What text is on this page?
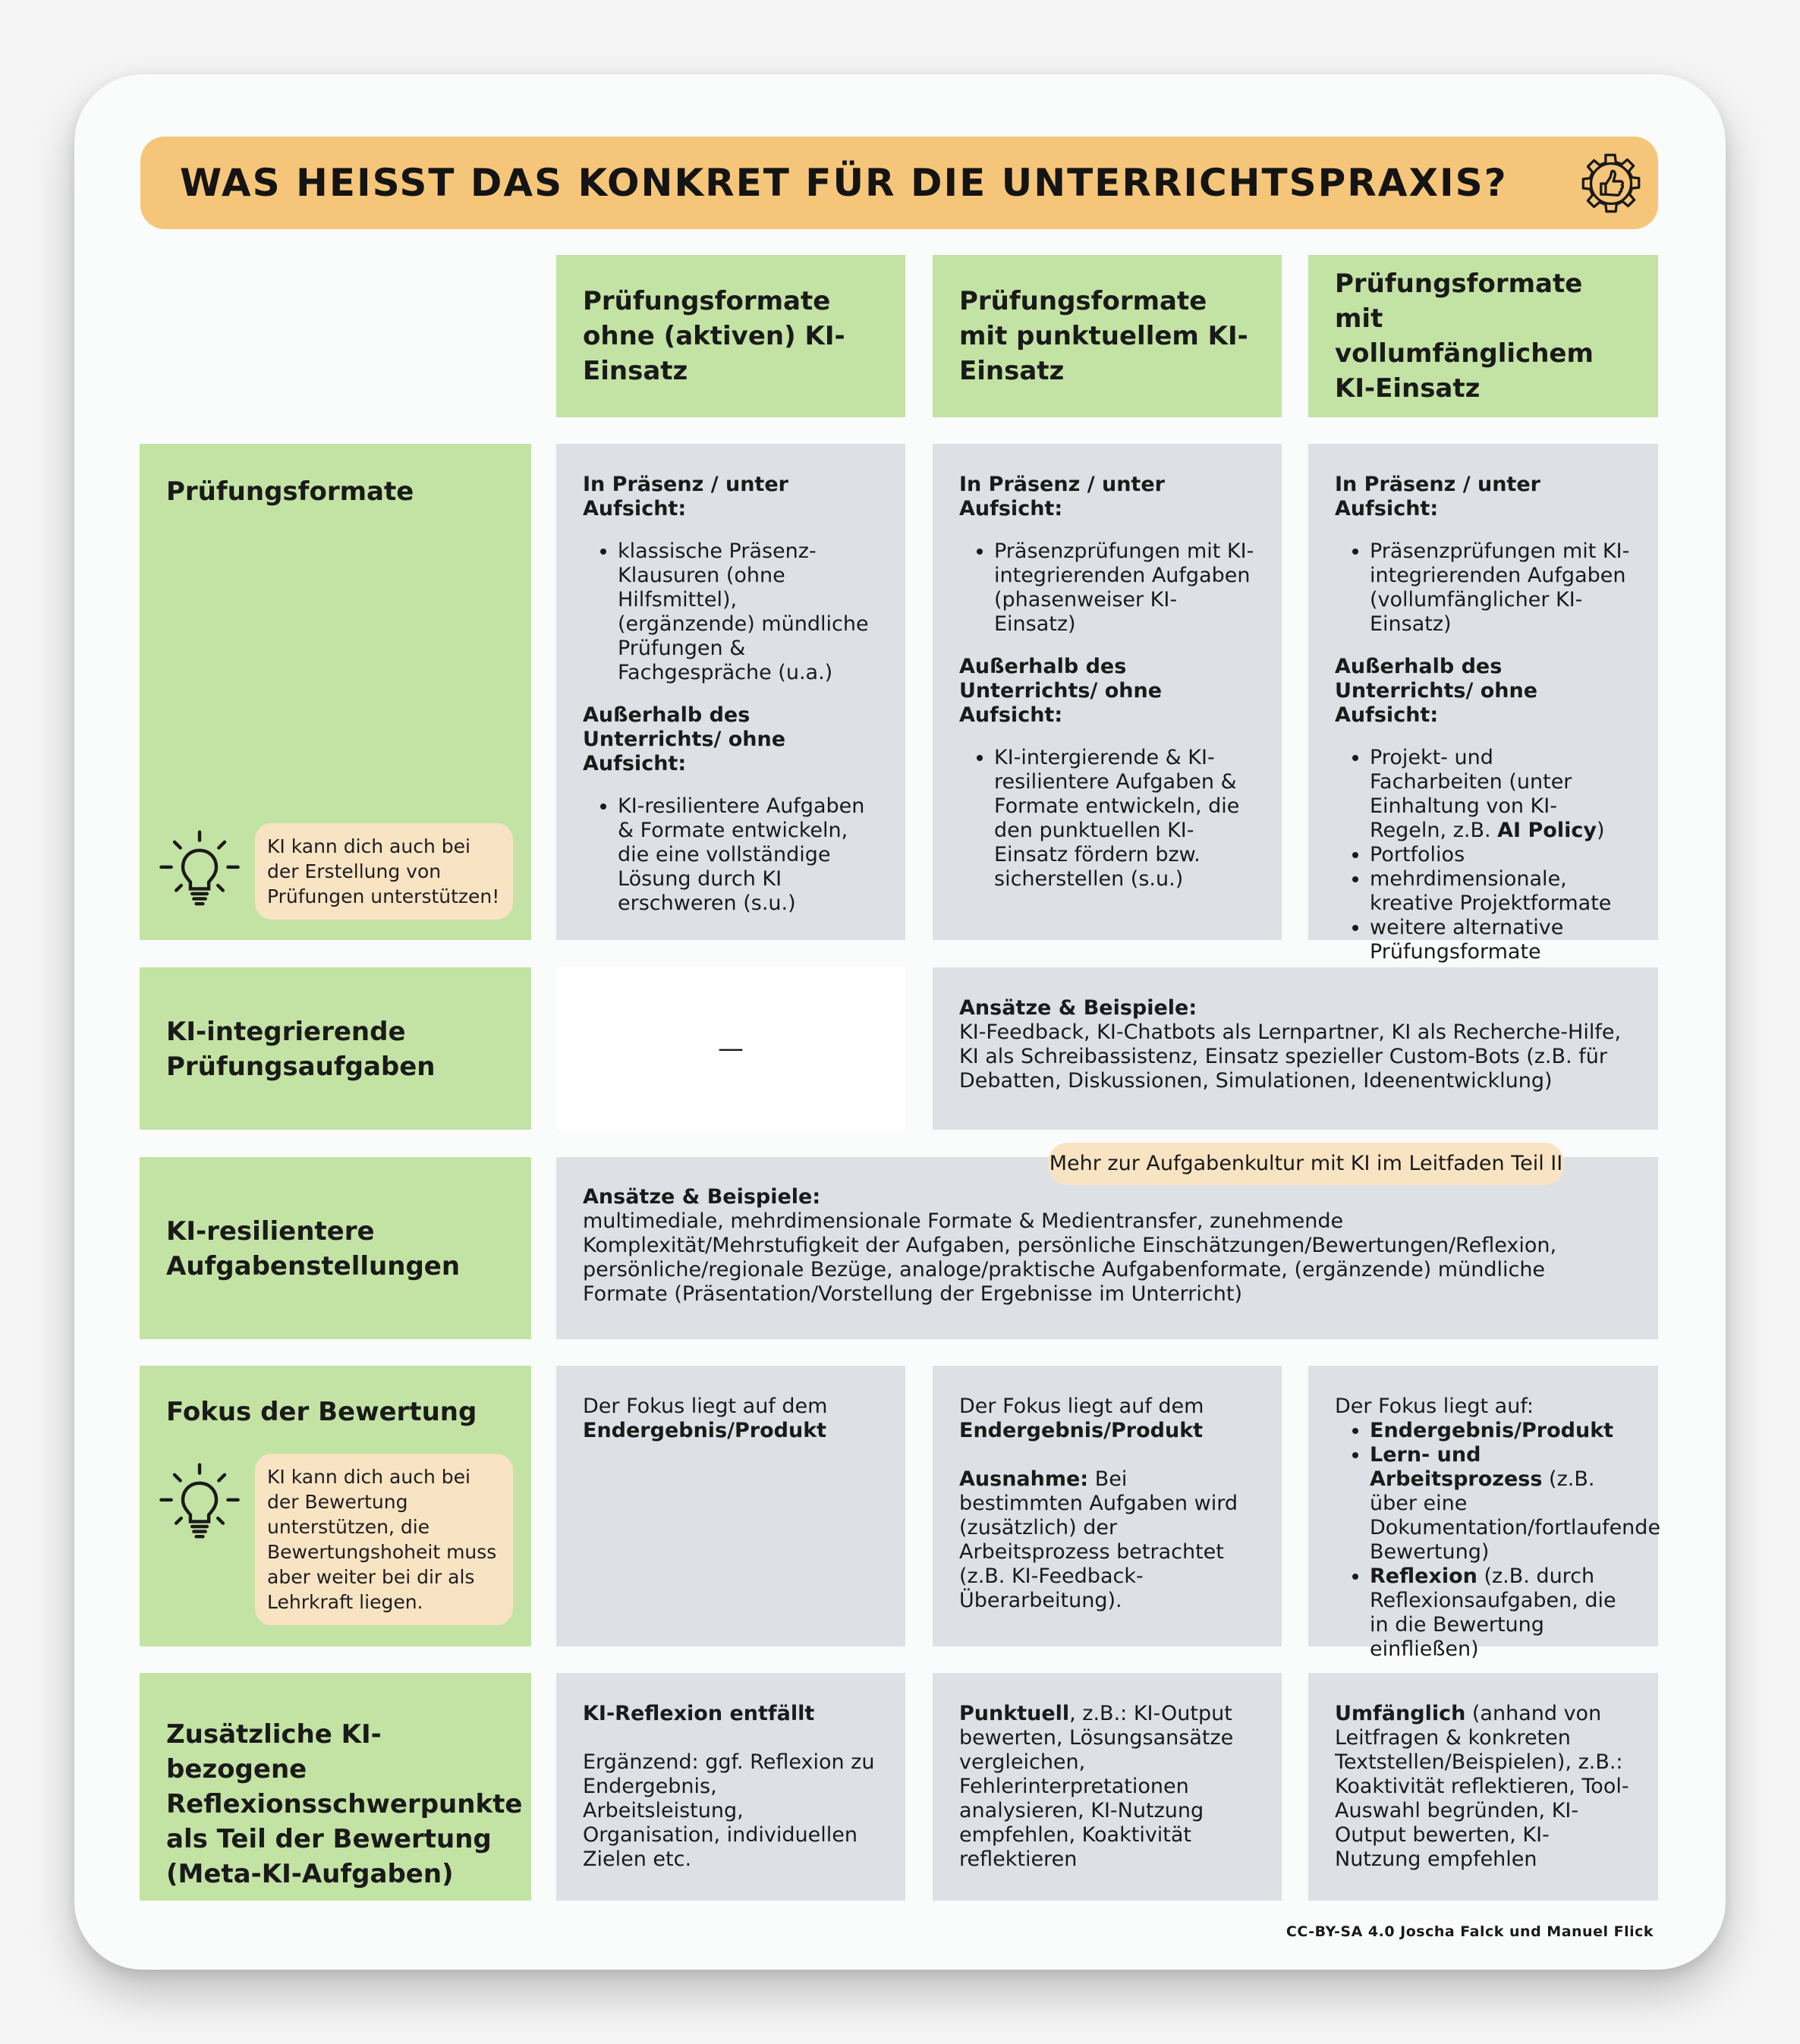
WAS HEISST DAS KONKRET FÜR DIE UNTERRICHTSPRAXIS?
Prüfungsformate ohne (aktiven) KI-Einsatz
Prüfungsformate mit punktuellem KI-Einsatz
Prüfungsformate mit vollumfänglichem KI-Einsatz
Prüfungsformate
KI kann dich auch bei der Erstellung von Prüfungen unterstützen!

In Präsenz / unter Aufsicht:

• klassische Präsenz-Klausuren (ohne Hilfsmittel), (ergänzende) mündliche Prüfungen & Fachgespräche (u.a.)

Außerhalb des Unterrichts/ ohne Aufsicht:

• KI-resilientere Aufgaben & Formate entwickeln, die eine vollständige Lösung durch KI erschweren (s.u.)

In Präsenz / unter Aufsicht:

• Präsenzprüfungen mit KI-integrierenden Aufgaben (phasenweiser KI-Einsatz)

Außerhalb des Unterrichts/ ohne Aufsicht:

• KI-intergierende & KI-resilientere Aufgaben & Formate entwickeln, die den punktuellen KI-Einsatz fördern bzw. sicherstellen (s.u.)

In Präsenz / unter Aufsicht:

• Präsenzprüfungen mit KI-integrierenden Aufgaben (vollumfänglicher KI-Einsatz)

Außerhalb des Unterrichts/ ohne Aufsicht:

• Projekt- und Facharbeiten (unter Einhaltung von KI-Regeln, z.B. AI Policy)
• Portfolios
• mehrdimensionale, kreative Projektformate
• weitere alternative Prüfungsformate
KI-integrierende Prüfungsaufgaben
—

Ansätze & Beispiele:

KI-Feedback, KI-Chatbots als Lernpartner, KI als Recherche-Hilfe, KI als Schreibassistenz, Einsatz spezieller Custom-Bots (z.B. für Debatten, Diskussionen, Simulationen, Ideenentwicklung)

KI-resilientere Aufgabenstellungen

Ansätze & Beispiele:

multimediale, mehrdimensionale Formate & Medientransfer, zunehmende Komplexität/Mehrstufigkeit der Aufgaben, persönliche Einschätzungen/Bewertungen/Reflexion, persönliche/regionale Bezüge, analoge/praktische Aufgabenformate, (ergänzende) mündliche Formate (Präsentation/Vorstellung der Ergebnisse im Unterricht)

Mehr zur Aufgabenkultur mit KI im Leitfaden Teil II
Fokus der Bewertung
KI kann dich auch bei der Bewertung unterstützen, die Bewertungshoheit muss aber weiter bei dir als Lehrkraft liegen.

Der Fokus liegt auf dem

Endergebnis/Produkt

Der Fokus liegt auf dem

Endergebnis/Produkt

Ausnahme: Bei bestimmten Aufgaben wird (zusätzlich) der Arbeitsprozess betrachtet (z.B. KI-Feedback-Überarbeitung).

Der Fokus liegt auf:

• Endergebnis/Produkt
• Lern- und Arbeitsprozess (z.B. über eine Dokumentation/fortlaufende Bewertung)
• Reflexion (z.B. durch Reflexionsaufgaben, die in die Bewertung einfließen)
Zusätzliche KI-bezogene Reflexionsschwerpunkte als Teil der Bewertung (Meta-KI-Aufgaben)

KI-Reflexion entfällt

Ergänzend: ggf. Reflexion zu Endergebnis, Arbeitsleistung, Organisation, individuellen Zielen etc.

Punktuell, z.B.: KI-Output bewerten, Lösungsansätze vergleichen, Fehlerinterpretationen analysieren, KI-Nutzung empfehlen, Koaktivität reflektieren

Umfänglich (anhand von Leitfragen & konkreten Textstellen/Beispielen), z.B.: Koaktivität reflektieren, Tool-Auswahl begründen, KI-Output bewerten, KI-Nutzung empfehlen

CC-BY-SA 4.0 Joscha Falck und Manuel Flick
